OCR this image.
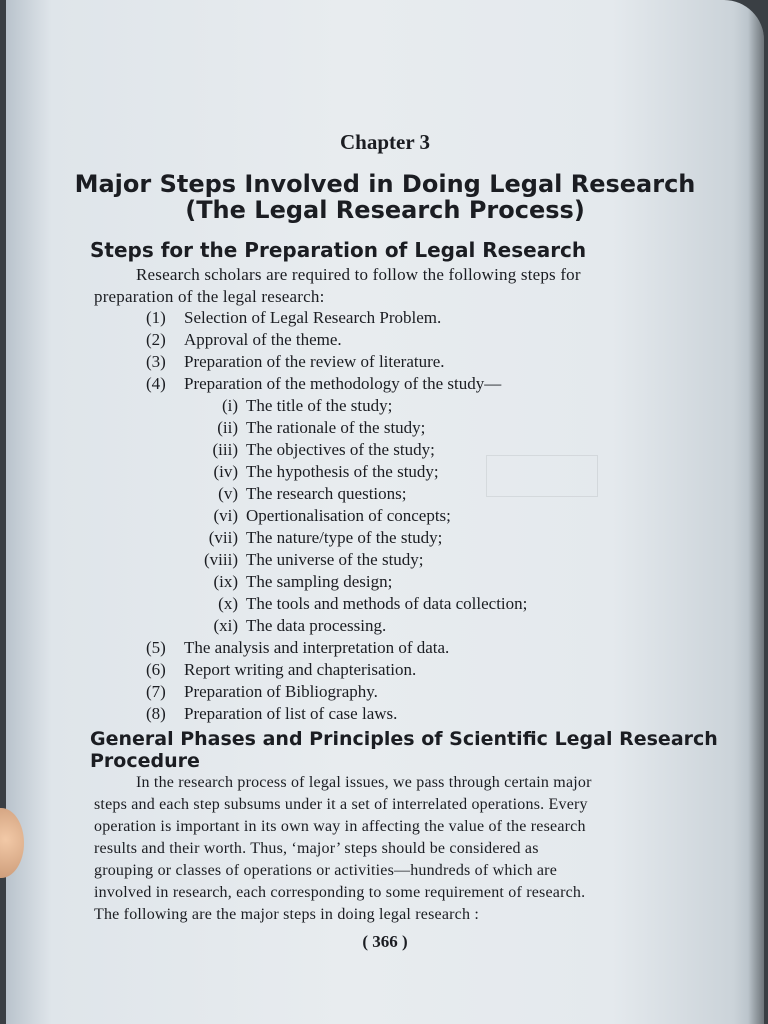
Chapter 3
Major Steps Involved in Doing Legal Research
(The Legal Research Process)
Steps for the Preparation of Legal Research
Research scholars are required to follow the following steps for
preparation of the legal research:
(1) Selection of Legal Research Problem.
(2) Approval of the theme.
(3) Preparation of the review of literature.
(4) Preparation of the methodology of the study—
(i) The title of the study;
(ii) The rationale of the study;
(iii) The objectives of the study;
(iv) The hypothesis of the study;
(v) The research questions;
(vi) Opertionalisation of concepts;
(vii) The nature/type of the study;
(viii) The universe of the study;
(ix) The sampling design;
(x) The tools and methods of data collection;
(xi) The data processing.
(5) The analysis and interpretation of data.
(6) Report writing and chapterisation.
(7) Preparation of Bibliography.
(8) Preparation of list of case laws.
General Phases and Principles of Scientific Legal Research
Procedure
In the research process of legal issues, we pass through certain major
steps and each step subsums under it a set of interrelated operations. Every
operation is important in its own way in affecting the value of the research
results and their worth. Thus, ‘major’ steps should be considered as
grouping or classes of operations or activities—hundreds of which are
involved in research, each corresponding to some requirement of research.
The following are the major steps in doing legal research :
( 366 )
